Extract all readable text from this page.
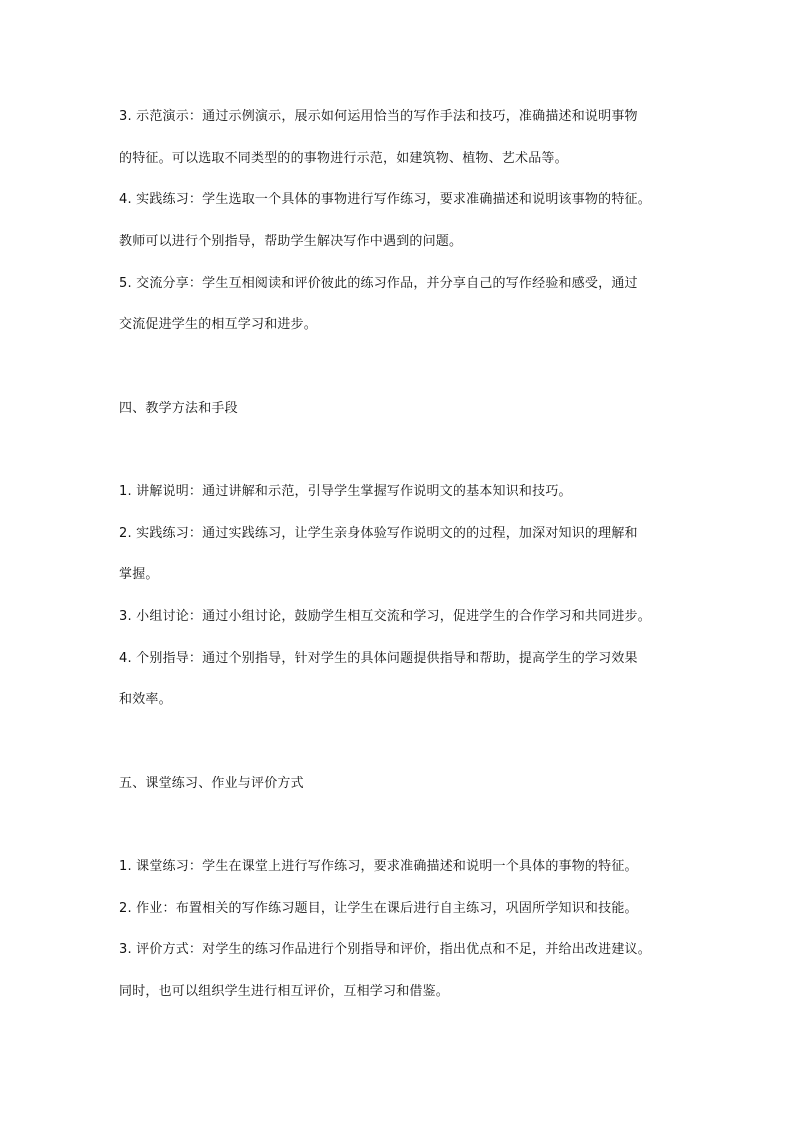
3. 示范演示：通过示例演示，展示如何运用恰当的写作手法和技巧，准确描述和说明事物
的特征。可以选取不同类型的的事物进行示范，如建筑物、植物、艺术品等。
4. 实践练习：学生选取一个具体的事物进行写作练习，要求准确描述和说明该事物的特征。
教师可以进行个别指导，帮助学生解决写作中遇到的问题。
5. 交流分享：学生互相阅读和评价彼此的练习作品，并分享自己的写作经验和感受，通过
交流促进学生的相互学习和进步。
四、教学方法和手段
1. 讲解说明：通过讲解和示范，引导学生掌握写作说明文的基本知识和技巧。
2. 实践练习：通过实践练习，让学生亲身体验写作说明文的的过程，加深对知识的理解和
掌握。
3. 小组讨论：通过小组讨论，鼓励学生相互交流和学习，促进学生的合作学习和共同进步。
4. 个别指导：通过个别指导，针对学生的具体问题提供指导和帮助，提高学生的学习效果
和效率。
五、课堂练习、作业与评价方式
1. 课堂练习：学生在课堂上进行写作练习，要求准确描述和说明一个具体的事物的特征。
2. 作业：布置相关的写作练习题目，让学生在课后进行自主练习，巩固所学知识和技能。
3. 评价方式：对学生的练习作品进行个别指导和评价，指出优点和不足，并给出改进建议。
同时，也可以组织学生进行相互评价，互相学习和借鉴。
